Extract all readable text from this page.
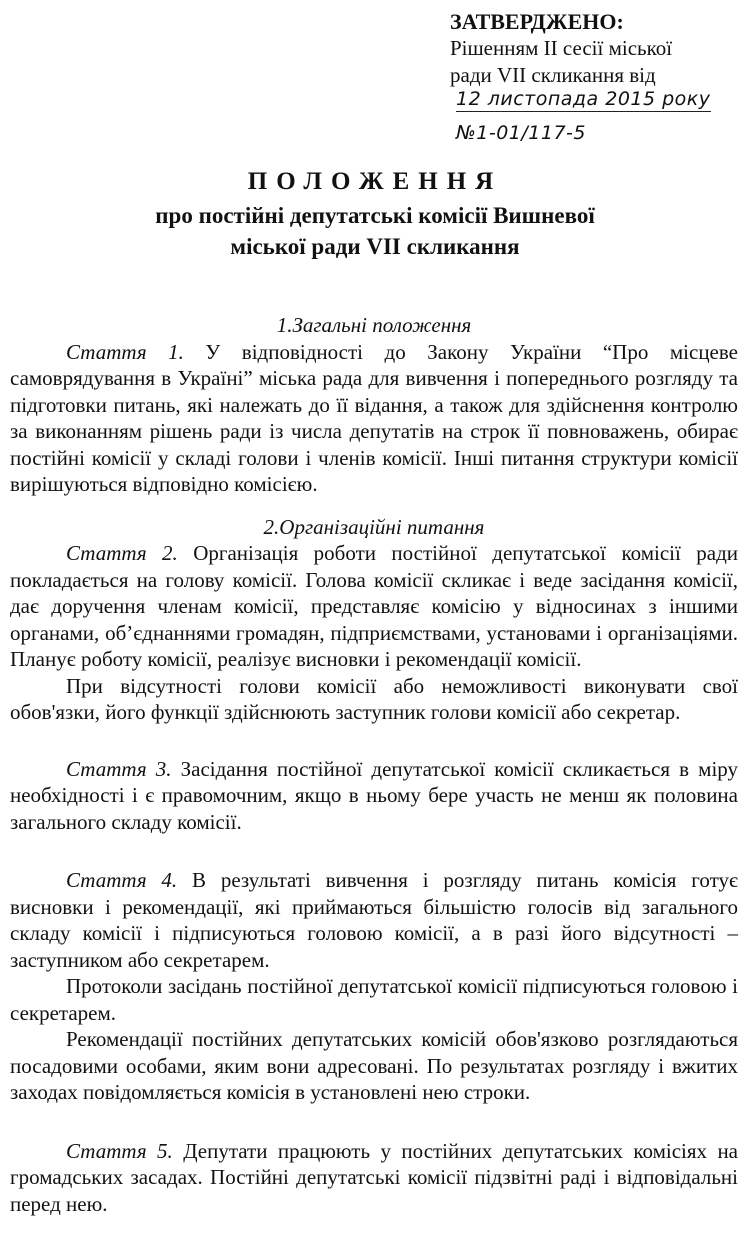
ЗАТВЕРДЖЕНО:
Рішенням II сесії міської
ради VII скликання від
12 листопада 2015 року
№1-01/117-5
ПОЛОЖЕННЯ
про постійні депутатські комісії Вишневої
міської ради VII скликання
1.Загальні положення

Стаття 1. У відповідності до Закону України “Про місцеве самоврядування в Україні” міська рада для вивчення і попереднього розгляду та підготовки питань, які належать до її відання, а також для здійснення контролю за виконанням рішень ради із числа депутатів на строк її повноважень, обирає постійні комісії у складі голови і членів комісії. Інші питання структури комісії вирішуються відповідно комісією.

2.Організаційні питання

Стаття 2. Організація роботи постійної депутатської комісії ради покладається на голову комісії. Голова комісії скликає і веде засідання комісії, дає доручення членам комісії, представляє комісію у відносинах з іншими органами, об’єднаннями громадян, підприємствами, установами і організаціями. Планує роботу комісії, реалізує висновки і рекомендації комісії.

При відсутності голови комісії або неможливості виконувати свої обов'язки, його функції здійснюють заступник голови комісії або секретар.

Стаття 3. Засідання постійної депутатської комісії скликається в міру необхідності і є правомочним, якщо в ньому бере участь не менш як половина загального складу комісії.

Стаття 4. В результаті вивчення і розгляду питань комісія готує висновки і рекомендації, які приймаються більшістю голосів від загального складу комісії і підписуються головою комісії, а в разі його відсутності – заступником або секретарем.

Протоколи засідань постійної депутатської комісії підписуються головою і секретарем.

Рекомендації постійних депутатських комісій обов'язково розглядаються посадовими особами, яким вони адресовані. По результатах розгляду і вжитих заходах повідомляється комісія в установлені нею строки.

Стаття 5. Депутати працюють у постійних депутатських комісіях на громадських засадах. Постійні депутатські комісії підзвітні раді і відповідальні перед нею.
